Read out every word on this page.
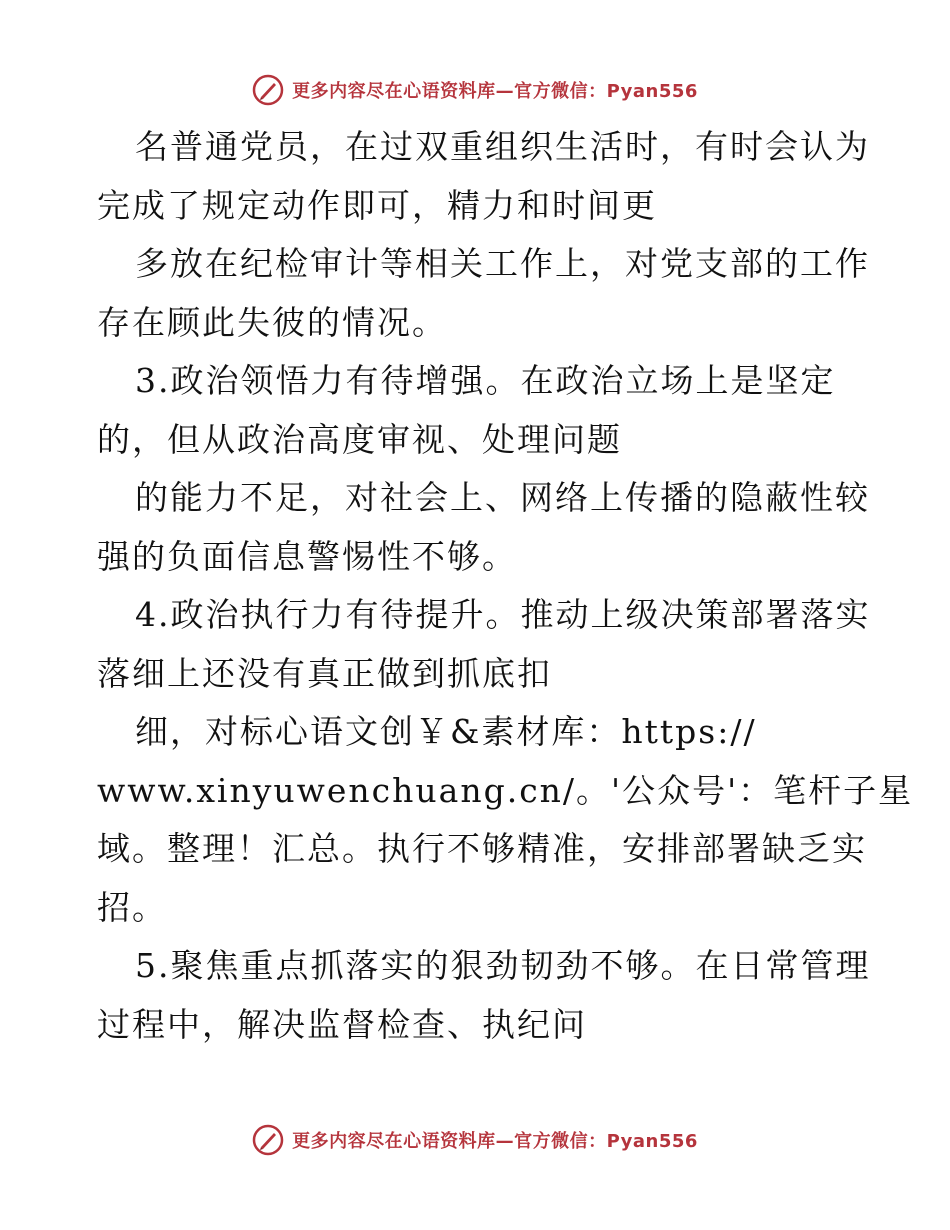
更多内容尽在心语资料库—官方微信：Pyan556
名普通党员，在过双重组织生活时，有时会认为
完成了规定动作即可，精力和时间更
多放在纪检审计等相关工作上，对党支部的工作
存在顾此失彼的情况。
3.政治领悟力有待增强。在政治立场上是坚定
的，但从政治高度审视、处理问题
的能力不足，对社会上、网络上传播的隐蔽性较
强的负面信息警惕性不够。
4.政治执行力有待提升。推动上级决策部署落实
落细上还没有真正做到抓底扣
细，对标心语文创￥&素材库：https://
www.xinyuwenchuang.cn/。'公众号'：笔杆子星
域。整理！汇总。执行不够精准，安排部署缺乏实
招。
5.聚焦重点抓落实的狠劲韧劲不够。在日常管理
过程中，解决监督检查、执纪问
更多内容尽在心语资料库—官方微信：Pyan556
